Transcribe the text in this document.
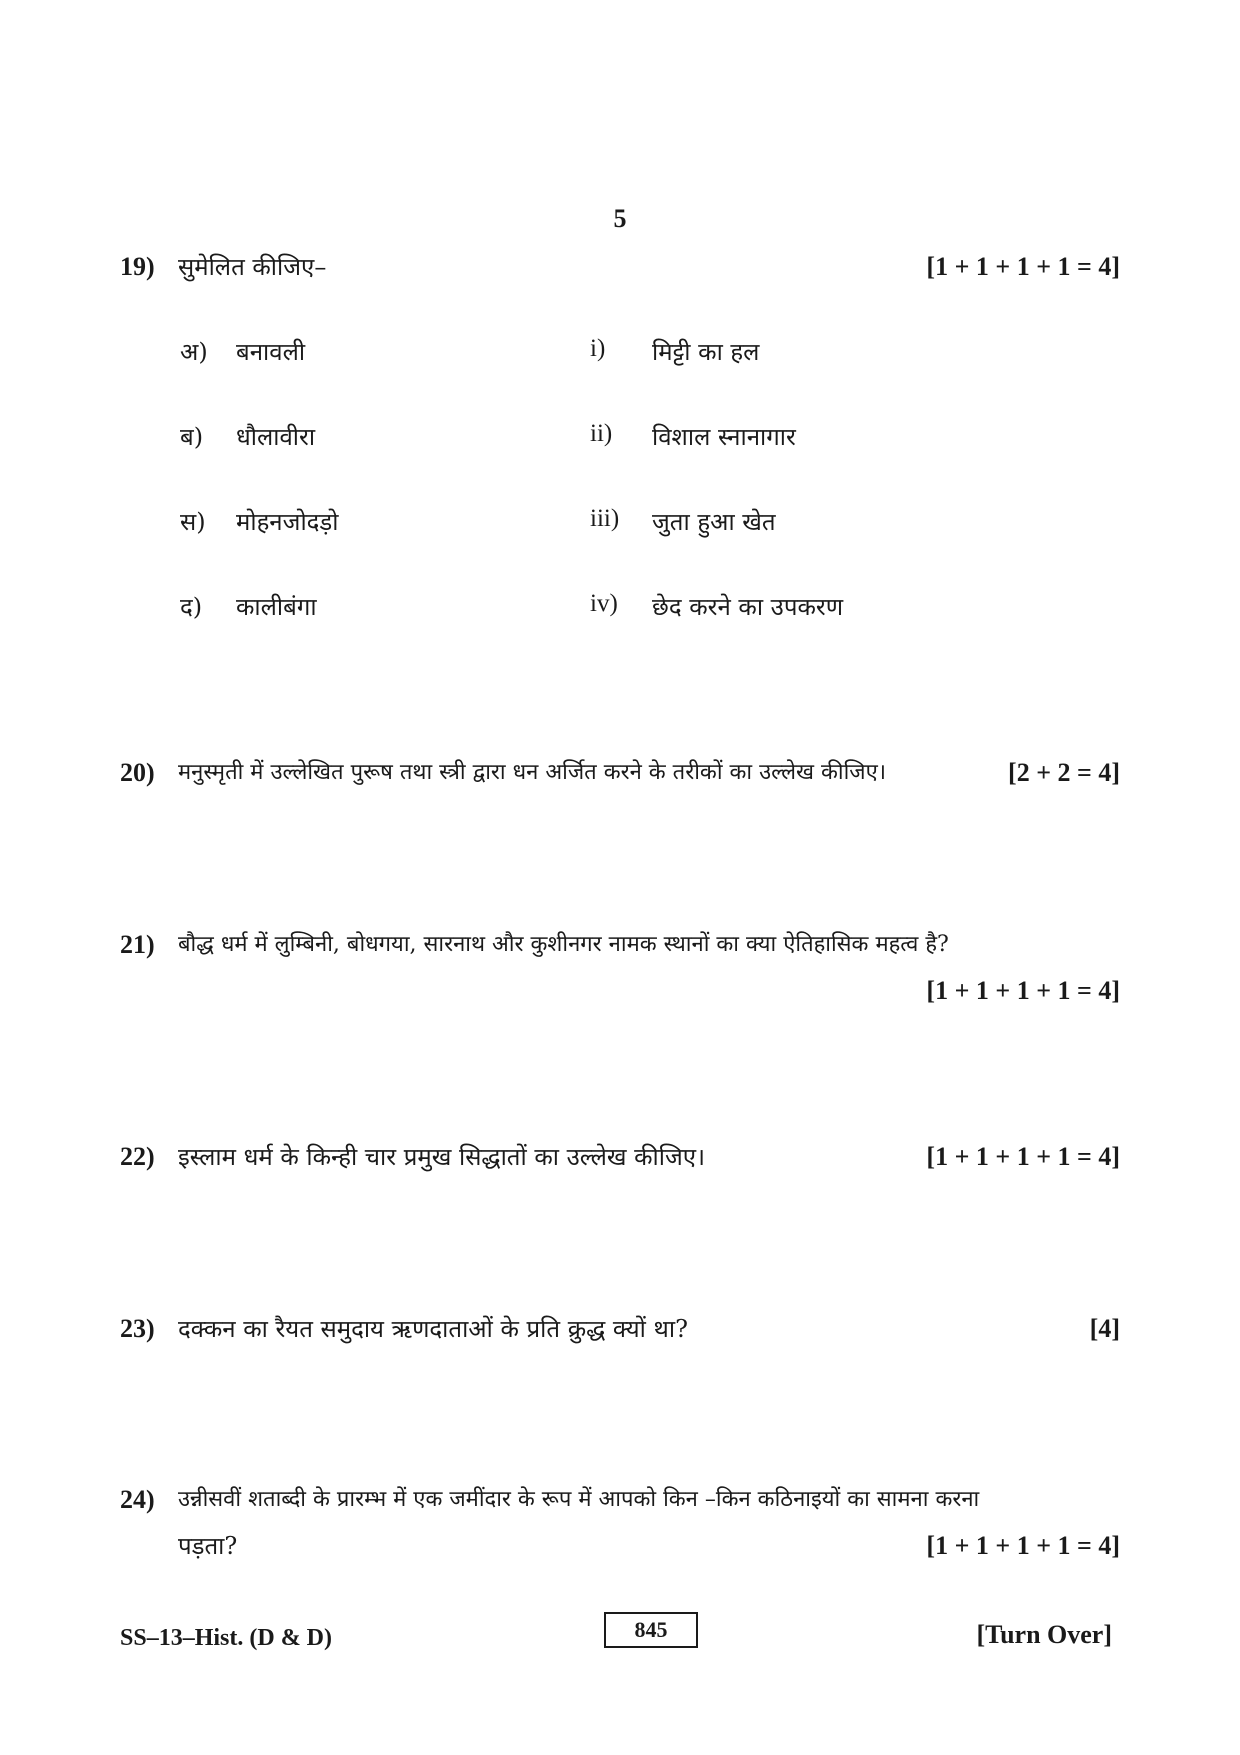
5
19) सुमेलित कीजिए–	[1 + 1 + 1 + 1 = 4]
अ) बनावली	i) मिट्टी का हल
ब) धौलावीरा	ii) विशाल स्नानागार
स) मोहनजोदड़ो	iii) जुता हुआ खेत
द) कालीबंगा	iv) छेद करने का उपकरण
20) मनुस्मृती में उल्लेखित पुरूष तथा स्त्री द्वारा धन अर्जित करने के तरीकों का उल्लेख कीजिए।	[2 + 2 = 4]
21) बौद्ध धर्म में लुम्बिनी, बोधगया, सारनाथ और कुशीनगर नामक स्थानों का क्या ऐतिहासिक महत्व है?
[1 + 1 + 1 + 1 = 4]
22) इस्लाम धर्म के किन्ही चार प्रमुख सिद्धातों का उल्लेख कीजिए।	[1 + 1 + 1 + 1 = 4]
23) दक्कन का रैयत समुदाय ऋणदाताओं के प्रति क्रुद्ध क्यों था?	[4]
24) उन्नीसवीं शताब्दी के प्रारम्भ में एक जमींदार के रूप में आपको किन –किन कठिनाइयों का सामना करना
पड़ता?	[1 + 1 + 1 + 1 = 4]
SS–13–Hist. (D & D)	845	[Turn Over]
